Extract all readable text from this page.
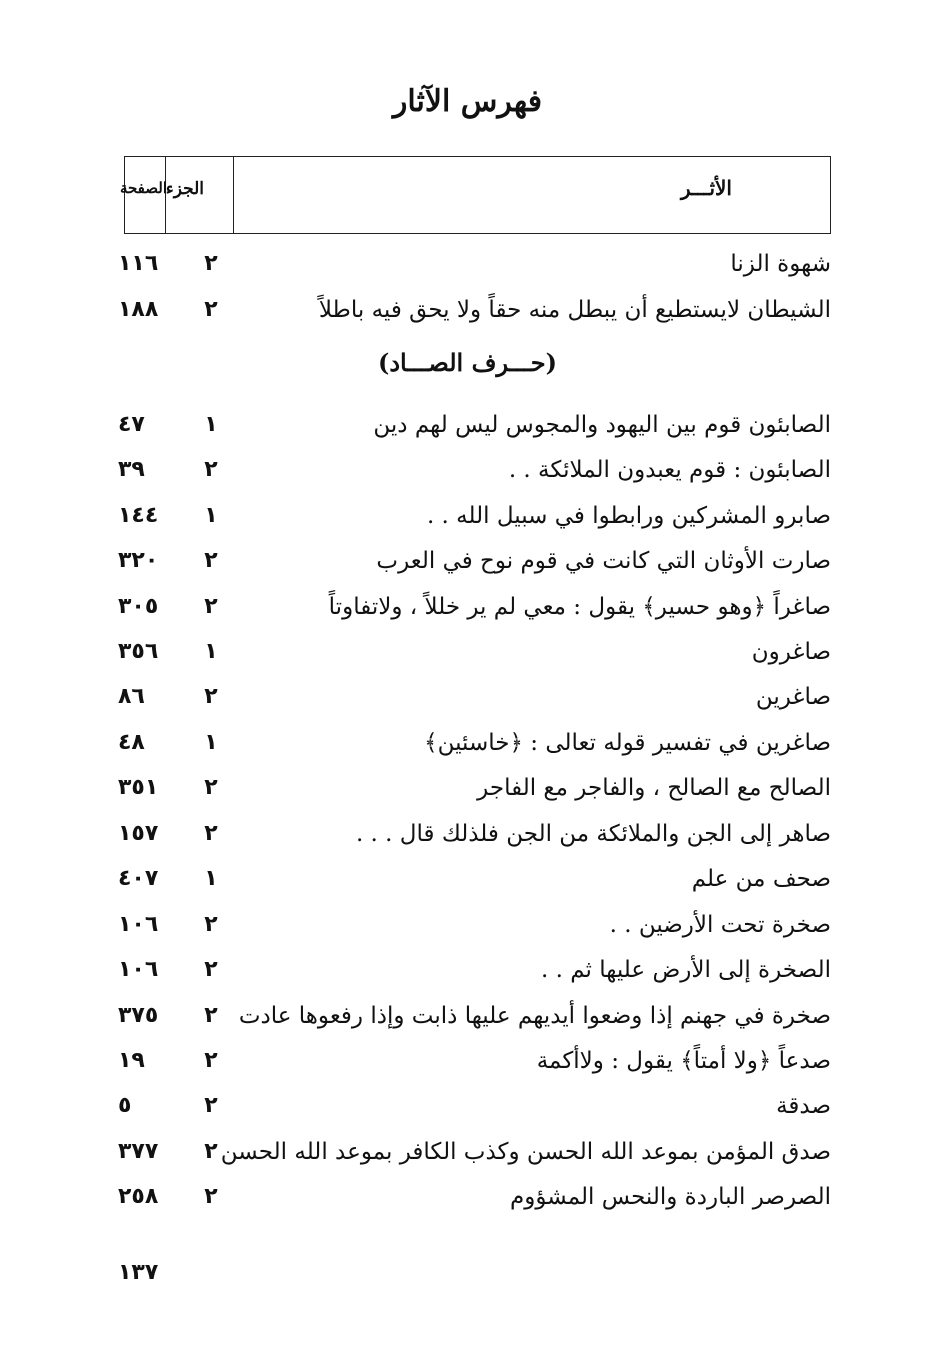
فهرس الآثار
الأثـــر
الجزء
الصفحة
شهوة الزنا
٢
١١٦
الشيطان لايستطيع أن يبطل منه حقاً ولا يحق فيه باطلاً
٢
١٨٨
(حـــرف الصـــاد)
الصابئون قوم بين اليهود والمجوس ليس لهم دين
١
٤٧
الصابئون : قوم يعبدون الملائكة . .
٢
٣٩
صابرو المشركين ورابطوا في سبيل الله . .
١
١٤٤
صارت الأوثان التي كانت في قوم نوح في العرب
٢
٣٢٠
صاغراً ﴿وهو حسير﴾ يقول : معي لم ير خللاً ، ولاتفاوتاً
٢
٣٠٥
صاغرون
١
٣٥٦
صاغرين
٢
٨٦
صاغرين في تفسير قوله تعالى : ﴿خاسئين﴾
١
٤٨
الصالح مع الصالح ، والفاجر مع الفاجر
٢
٣٥١
صاهر إلى الجن والملائكة من الجن فلذلك قال . . .
٢
١٥٧
صحف من علم
١
٤٠٧
صخرة تحت الأرضين . .
٢
١٠٦
الصخرة إلى الأرض عليها ثم . .
٢
١٠٦
صخرة في جهنم إذا وضعوا أيديهم عليها ذابت وإذا رفعوها عادت
٢
٣٧٥
صدعاً ﴿ولا أمتاً﴾ يقول : ولاأكمة
٢
١٩
صدقة
٢
٥
صدق المؤمن بموعد الله الحسن وكذب الكافر بموعد الله الحسن
٢
٣٧٧
الصرصر الباردة والنحس المشؤوم
٢
٢٥٨
١٣٧
